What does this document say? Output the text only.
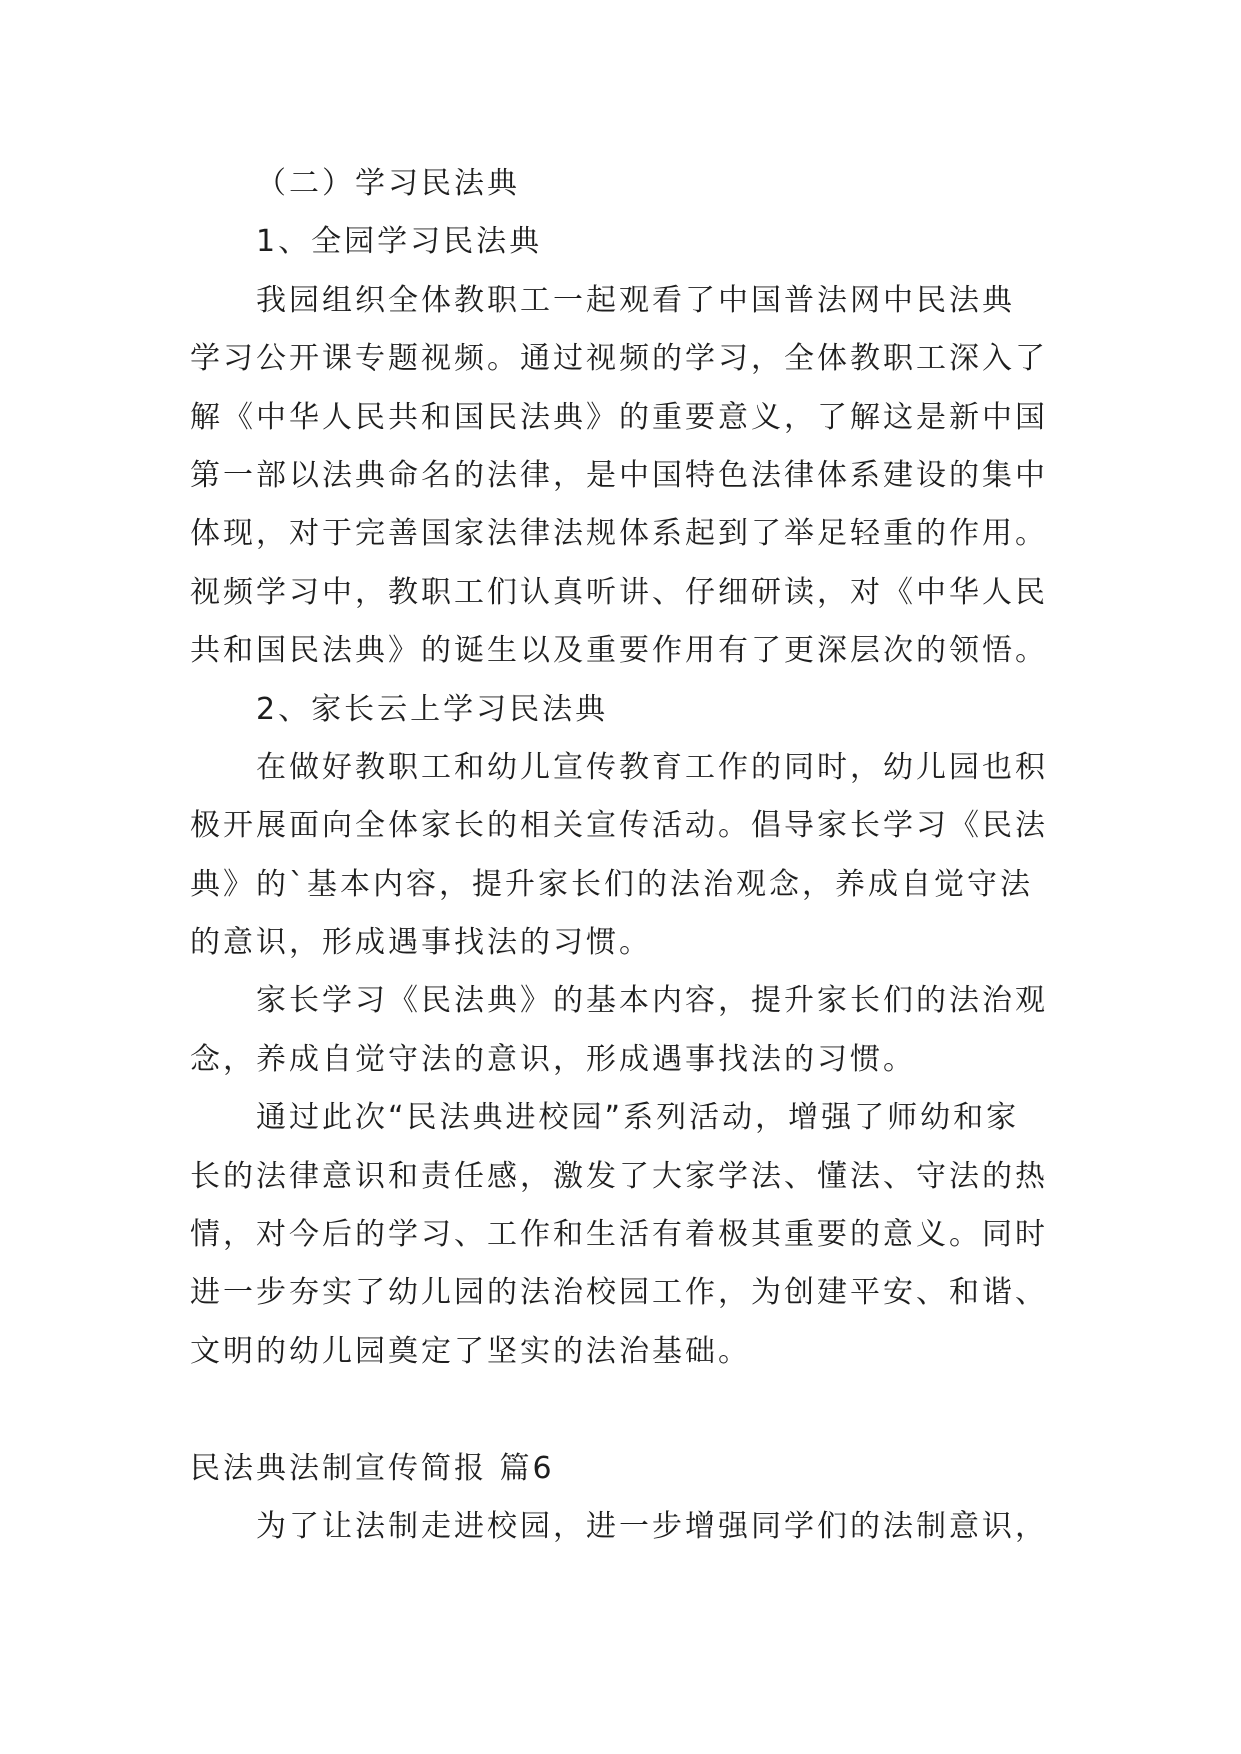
（二）学习民法典
1、全园学习民法典
我园组织全体教职工一起观看了中国普法网中民法典
学习公开课专题视频。通过视频的学习，全体教职工深入了
解《中华人民共和国民法典》的重要意义，了解这是新中国
第一部以法典命名的法律，是中国特色法律体系建设的集中
体现，对于完善国家法律法规体系起到了举足轻重的作用。
视频学习中，教职工们认真听讲、仔细研读，对《中华人民
共和国民法典》的诞生以及重要作用有了更深层次的领悟。
2、家长云上学习民法典
在做好教职工和幼儿宣传教育工作的同时，幼儿园也积
极开展面向全体家长的相关宣传活动。倡导家长学习《民法
典》的`基本内容，提升家长们的法治观念，养成自觉守法
的意识，形成遇事找法的习惯。
家长学习《民法典》的基本内容，提升家长们的法治观
念，养成自觉守法的意识，形成遇事找法的习惯。
通过此次“民法典进校园”系列活动，增强了师幼和家
长的法律意识和责任感，激发了大家学法、懂法、守法的热
情，对今后的学习、工作和生活有着极其重要的意义。同时
进一步夯实了幼儿园的法治校园工作，为创建平安、和谐、
文明的幼儿园奠定了坚实的法治基础。
民法典法制宣传简报 篇6
为了让法制走进校园，进一步增强同学们的法制意识，
